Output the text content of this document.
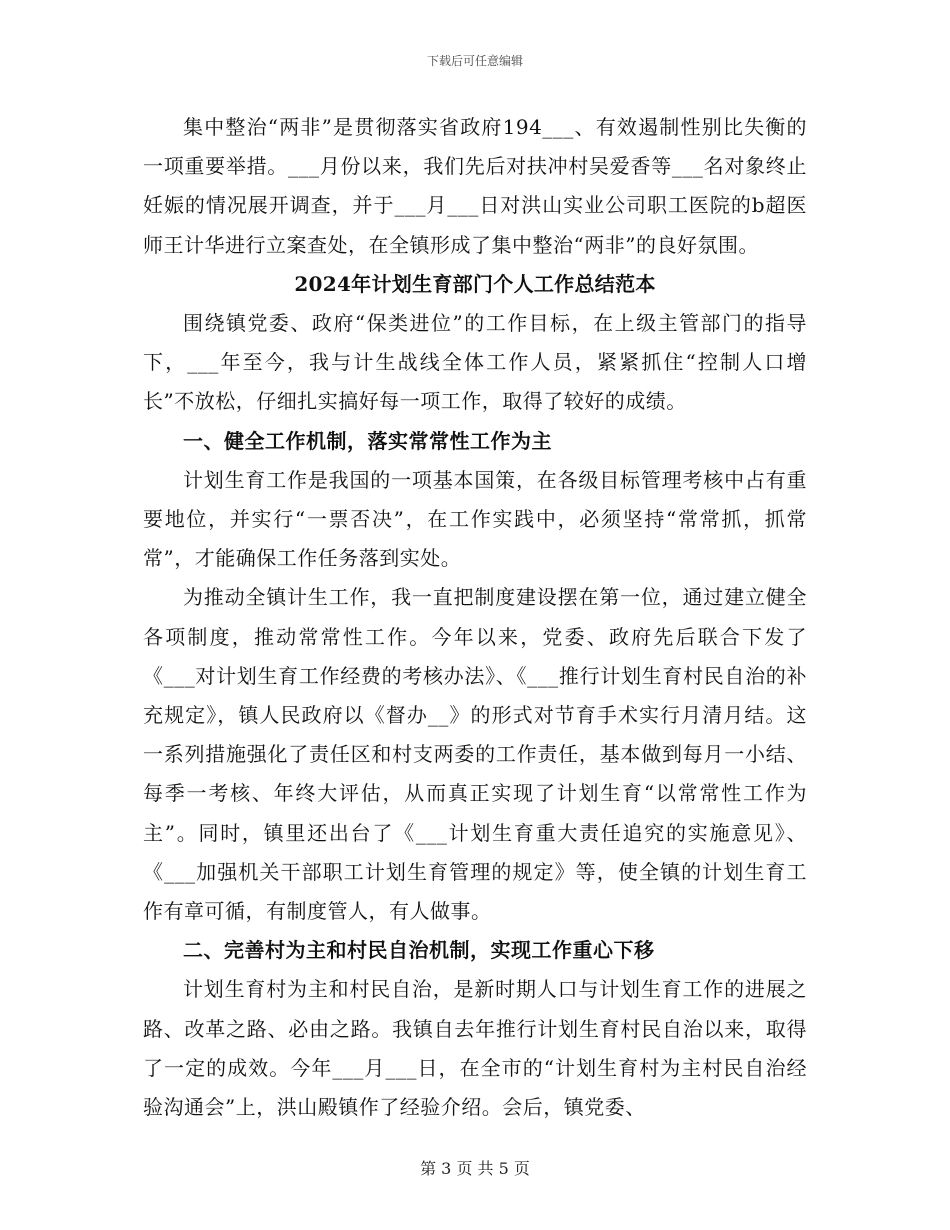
下载后可任意编辑

集中整治“两非”是贯彻落实省政府194___、有效遏制性别比失衡的一项重要举措。___月份以来，我们先后对扶冲村吴爱香等___名对象终止妊娠的情况展开调查，并于___月___日对洪山实业公司职工医院的b超医师王计华进行立案查处，在全镇形成了集中整治“两非”的良好氛围。

2024年计划生育部门个人工作总结范本

围绕镇党委、政府“保类进位”的工作目标，在上级主管部门的指导下，___年至今，我与计生战线全体工作人员，紧紧抓住“控制人口增长”不放松，仔细扎实搞好每一项工作，取得了较好的成绩。

一、健全工作机制，落实常常性工作为主

计划生育工作是我国的一项基本国策，在各级目标管理考核中占有重要地位，并实行“一票否决”，在工作实践中，必须坚持“常常抓，抓常常”，才能确保工作任务落到实处。

为推动全镇计生工作，我一直把制度建设摆在第一位，通过建立健全各项制度，推动常常性工作。今年以来，党委、政府先后联合下发了《___对计划生育工作经费的考核办法》、《___推行计划生育村民自治的补充规定》，镇人民政府以《督办__》的形式对节育手术实行月清月结。这一系列措施强化了责任区和村支两委的工作责任，基本做到每月一小结、每季一考核、年终大评估，从而真正实现了计划生育“以常常性工作为主”。同时，镇里还出台了《___计划生育重大责任追究的实施意见》、《___加强机关干部职工计划生育管理的规定》等，使全镇的计划生育工作有章可循，有制度管人，有人做事。

二、完善村为主和村民自治机制，实现工作重心下移

计划生育村为主和村民自治，是新时期人口与计划生育工作的进展之路、改革之路、必由之路。我镇自去年推行计划生育村民自治以来，取得了一定的成效。今年___月___日，在全市的“计划生育村为主村民自治经验沟通会”上，洪山殿镇作了经验介绍。会后，镇党委、

第 3 页 共 5 页
